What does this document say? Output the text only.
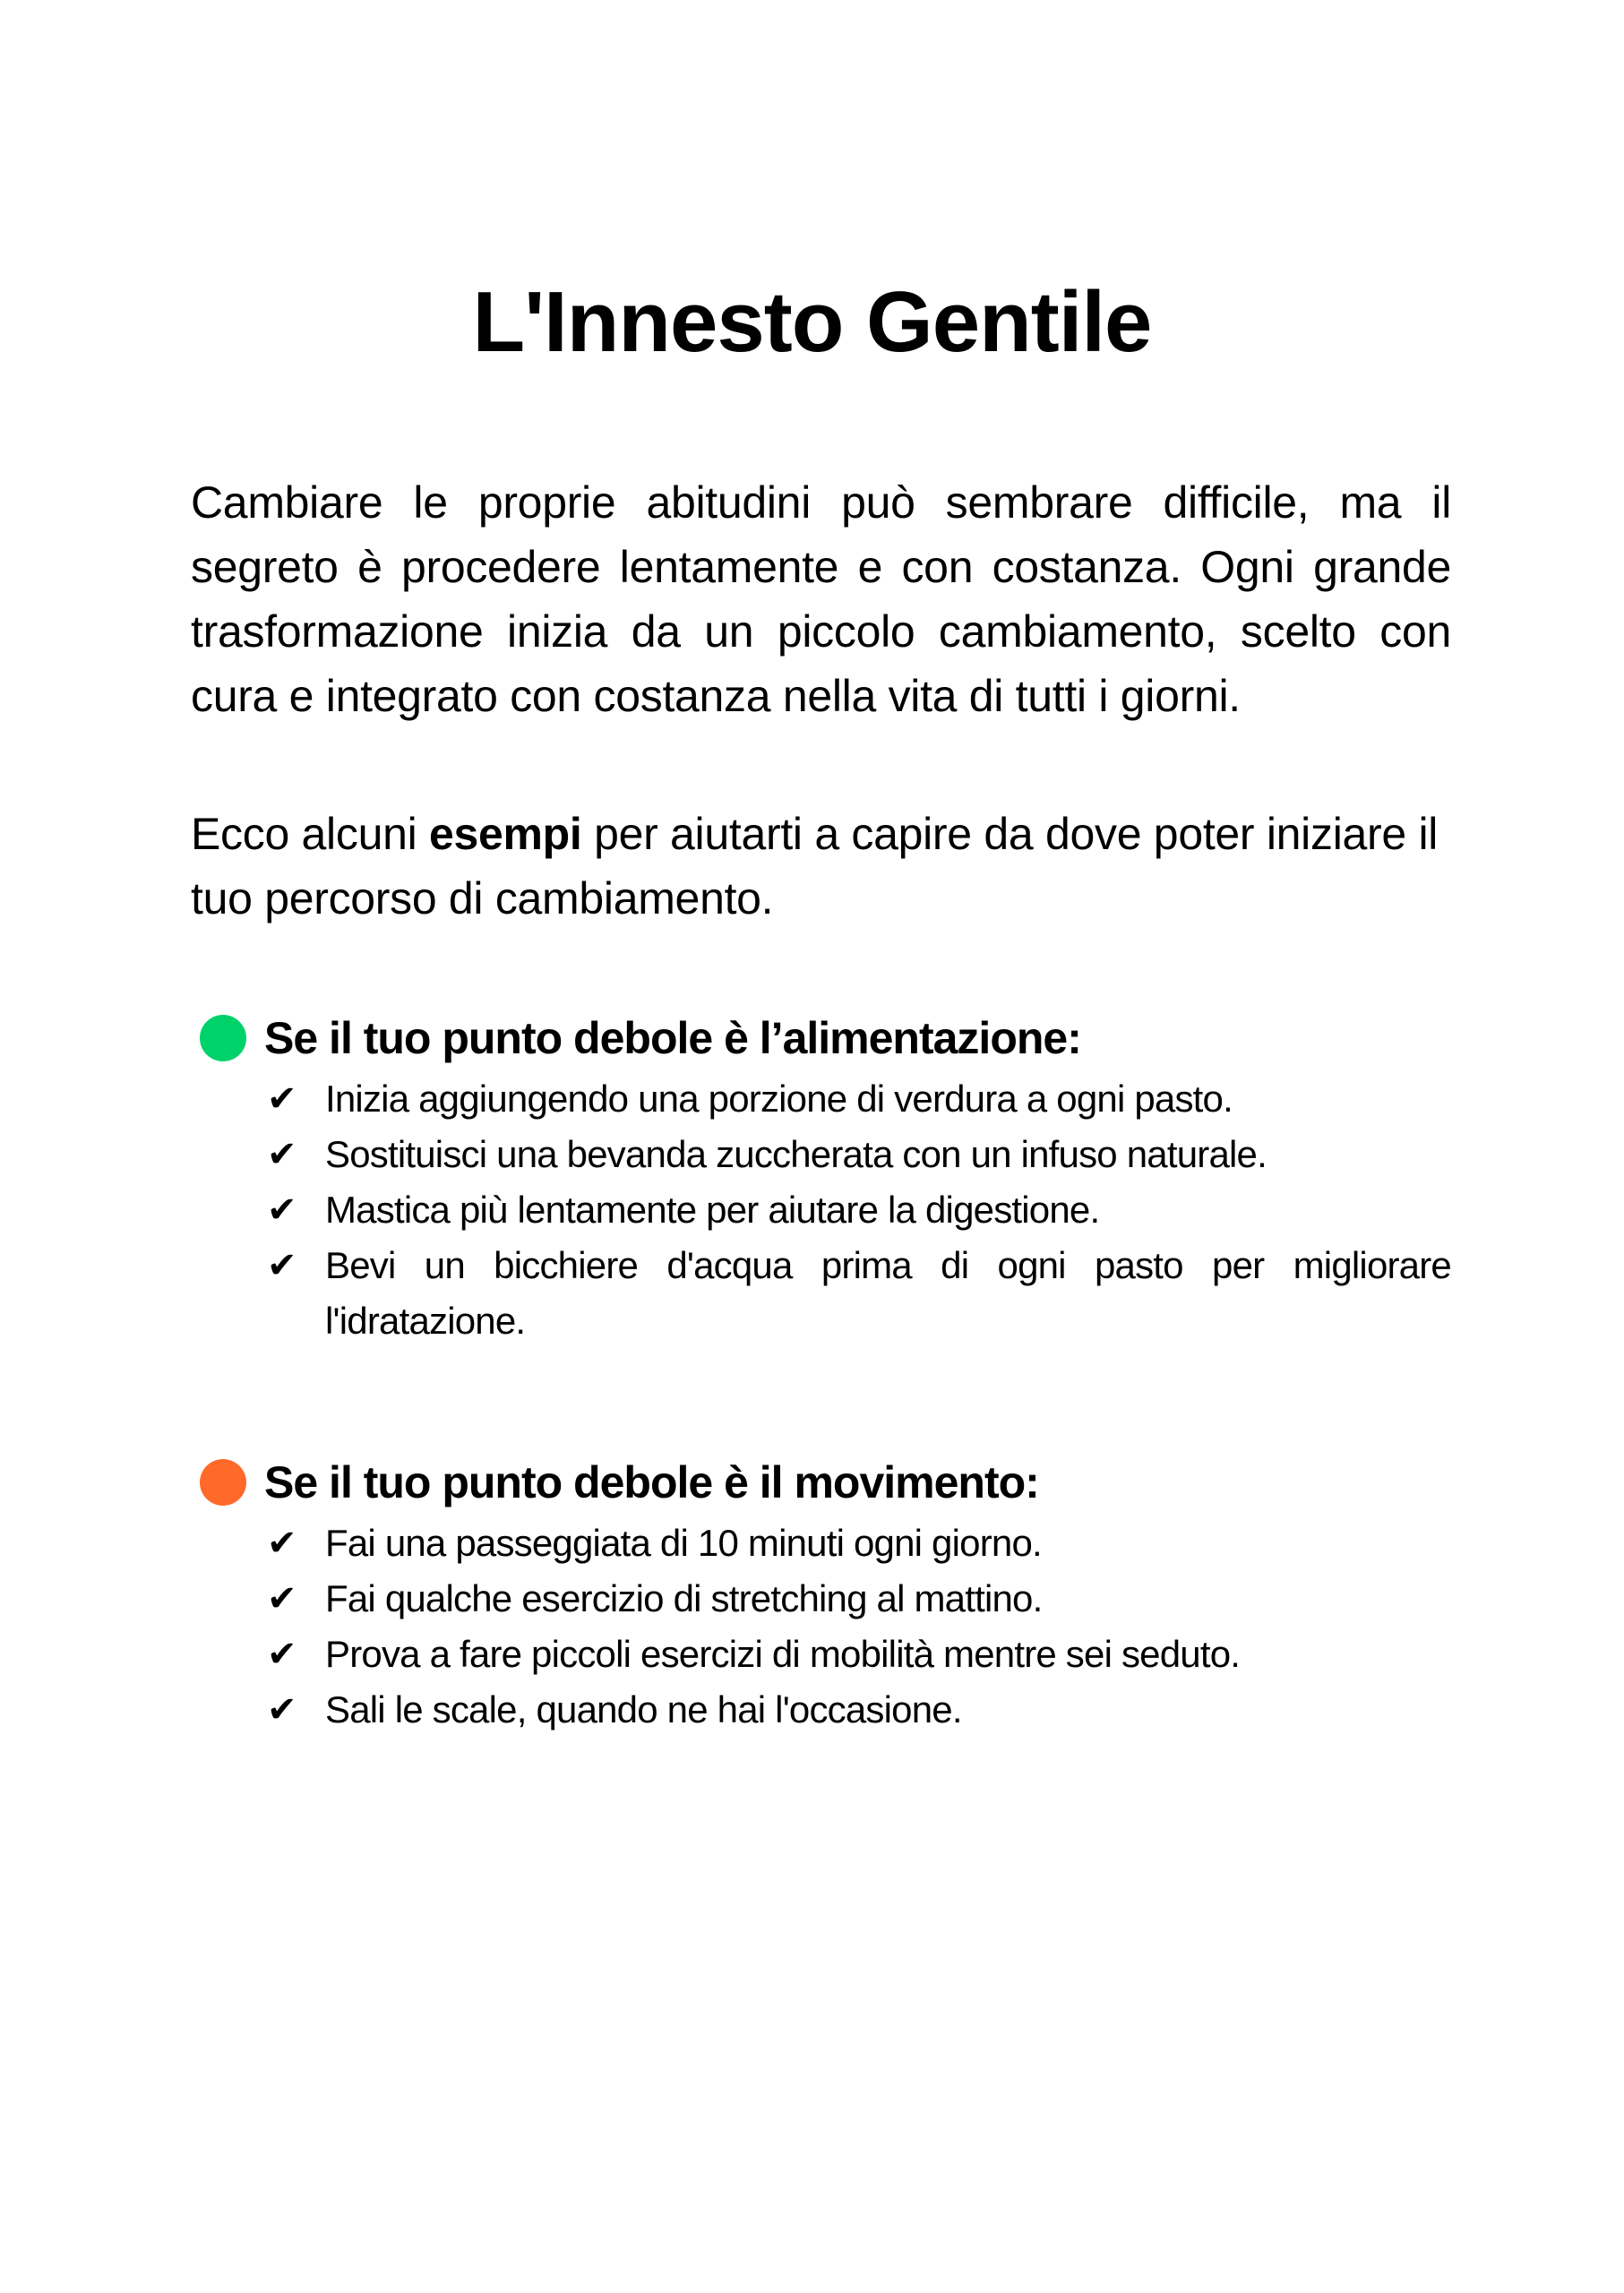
L'Innesto Gentile

Cambiare le proprie abitudini può sembrare difficile, ma il segreto è procedere lentamente e con costanza. Ogni grande trasformazione inizia da un piccolo cambiamento, scelto con cura e integrato con costanza nella vita di tutti i giorni.

Ecco alcuni esempi per aiutarti a capire da dove poter iniziare il tuo percorso di cambiamento.

Se il tuo punto debole è l’alimentazione:
✔ Inizia aggiungendo una porzione di verdura a ogni pasto.
✔ Sostituisci una bevanda zuccherata con un infuso naturale.
✔ Mastica più lentamente per aiutare la digestione.
✔ Bevi un bicchiere d'acqua prima di ogni pasto per migliorare l'idratazione.
Se il tuo punto debole è il movimento:
✔ Fai una passeggiata di 10 minuti ogni giorno.
✔ Fai qualche esercizio di stretching al mattino.
✔ Prova a fare piccoli esercizi di mobilità mentre sei seduto.
✔ Sali le scale, quando ne hai l'occasione.
